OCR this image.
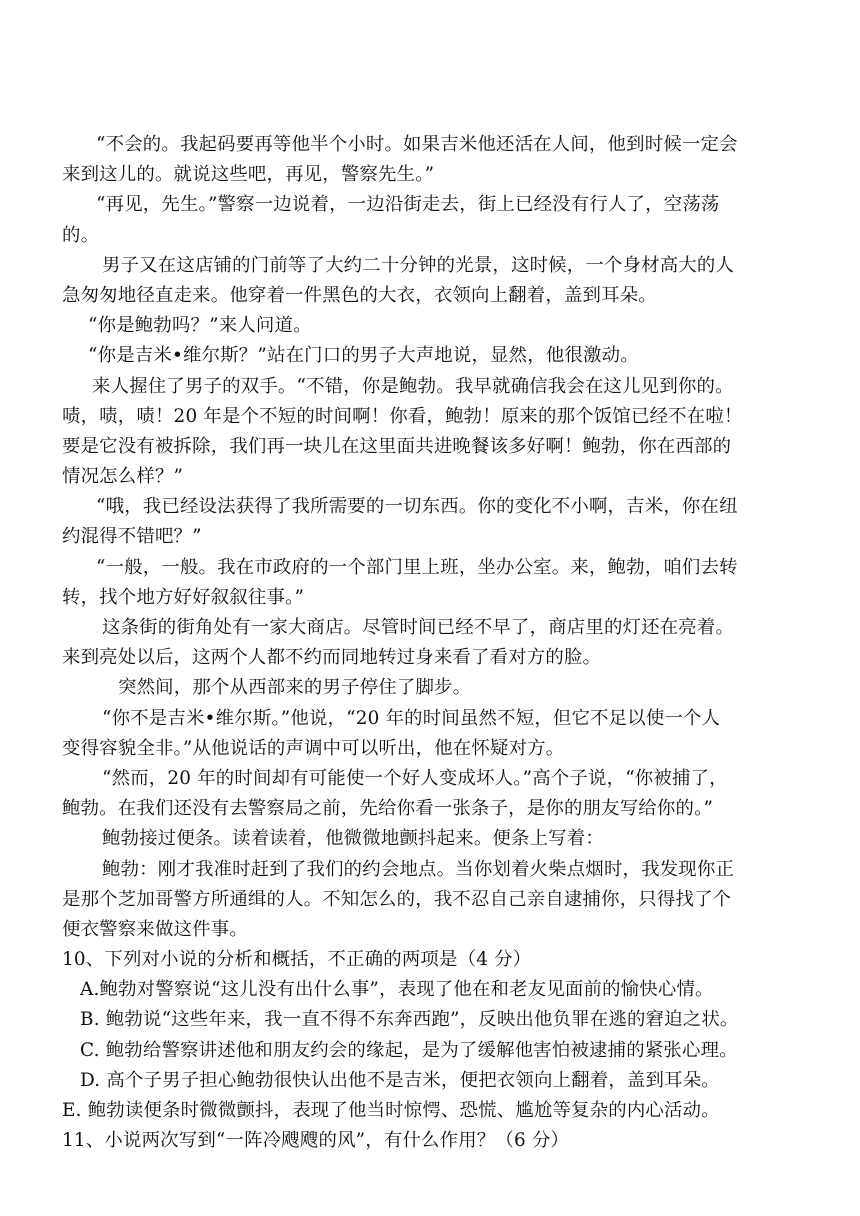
“不会的。我起码要再等他半个小时。如果吉米他还活在人间，他到时候一定会
来到这儿的。就说这些吧，再见，警察先生。”
“再见，先生。”警察一边说着，一边沿街走去，街上已经没有行人了，空荡荡
的。
男子又在这店铺的门前等了大约二十分钟的光景，这时候，一个身材高大的人
急匆匆地径直走来。他穿着一件黑色的大衣，衣领向上翻着，盖到耳朵。
“你是鲍勃吗？”来人问道。
“你是吉米•维尔斯？”站在门口的男子大声地说，显然，他很激动。
来人握住了男子的双手。“不错，你是鲍勃。我早就确信我会在这儿见到你的。
啧，啧，啧！20 年是个不短的时间啊！你看，鲍勃！原来的那个饭馆已经不在啦！
要是它没有被拆除，我们再一块儿在这里面共进晚餐该多好啊！鲍勃，你在西部的
情况怎么样？”
“哦，我已经设法获得了我所需要的一切东西。你的变化不小啊，吉米，你在纽
约混得不错吧？”
“一般，一般。我在市政府的一个部门里上班，坐办公室。来，鲍勃，咱们去转
转，找个地方好好叙叙往事。”
这条街的街角处有一家大商店。尽管时间已经不早了，商店里的灯还在亮着。
来到亮处以后，这两个人都不约而同地转过身来看了看对方的脸。
突然间，那个从西部来的男子停住了脚步。
“你不是吉米•维尔斯。”他说，“20 年的时间虽然不短，但它不足以使一个人
变得容貌全非。”从他说话的声调中可以听出，他在怀疑对方。
“然而，20 年的时间却有可能使一个好人变成坏人。”高个子说，“你被捕了，
鲍勃。在我们还没有去警察局之前，先给你看一张条子，是你的朋友写给你的。”
鲍勃接过便条。读着读着，他微微地颤抖起来。便条上写着：
鲍勃：刚才我准时赶到了我们的约会地点。当你划着火柴点烟时，我发现你正
是那个芝加哥警方所通缉的人。不知怎么的，我不忍自己亲自逮捕你，只得找了个
便衣警察来做这件事。
10、下列对小说的分析和概括，不正确的两项是（4 分）
A.鲍勃对警察说“这儿没有出什么事”，表现了他在和老友见面前的愉快心情。
B. 鲍勃说“这些年来，我一直不得不东奔西跑”，反映出他负罪在逃的窘迫之状。
C. 鲍勃给警察讲述他和朋友约会的缘起，是为了缓解他害怕被逮捕的紧张心理。
D. 高个子男子担心鲍勃很快认出他不是吉米，便把衣领向上翻着，盖到耳朵。
E. 鲍勃读便条时微微颤抖，表现了他当时惊愕、恐慌、尴尬等复杂的内心活动。
11、小说两次写到“一阵冷飕飕的风”，有什么作用？（6 分）
